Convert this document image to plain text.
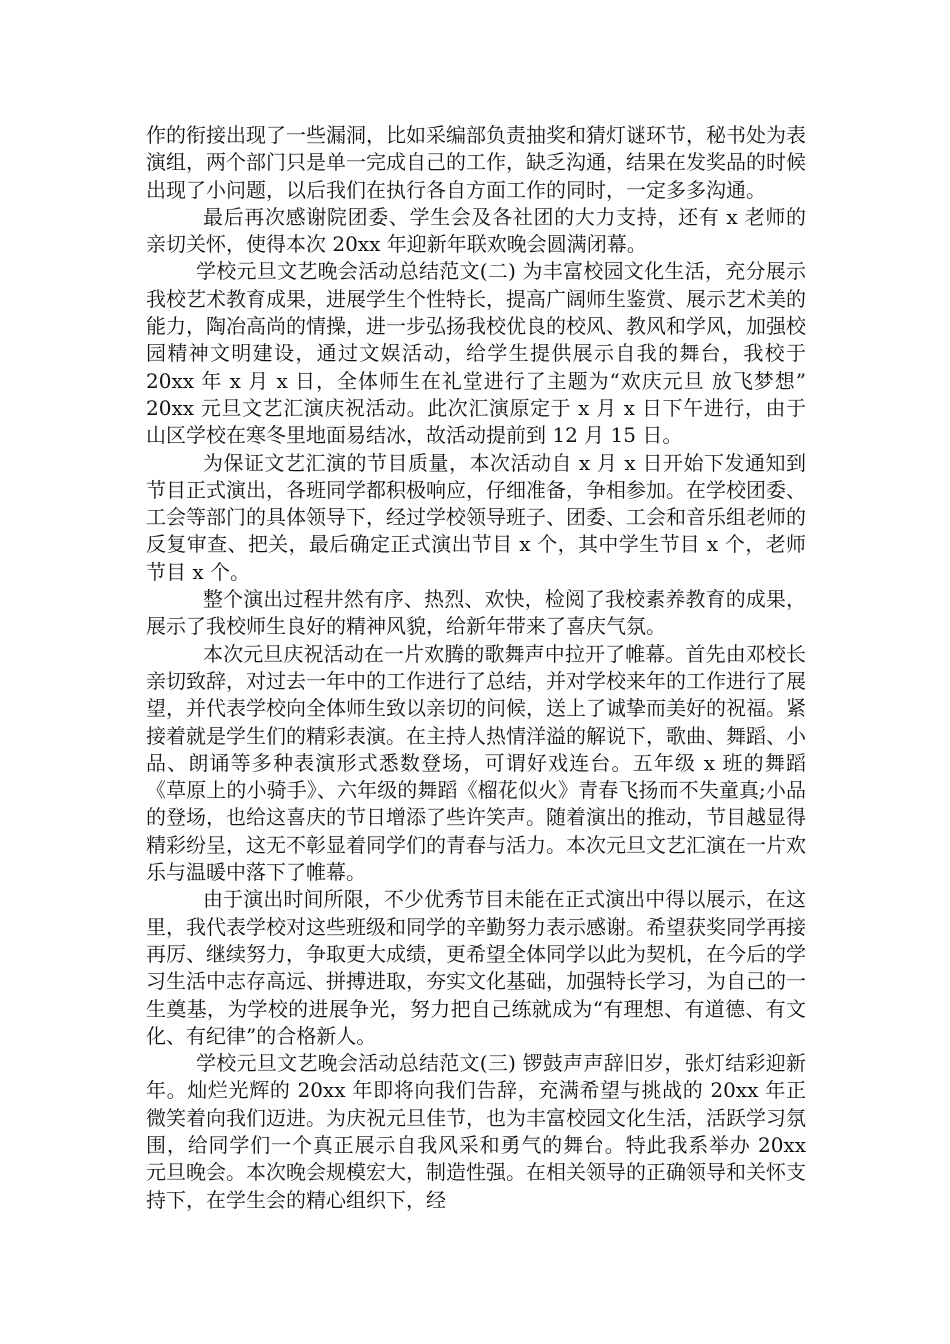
作的衔接出现了一些漏洞，比如采编部负责抽奖和猜灯谜环节，秘书处为表演组，两个部门只是单一完成自己的工作，缺乏沟通，结果在发奖品的时候出现了小问题，以后我们在执行各自方面工作的同时，一定多多沟通。

最后再次感谢院团委、学生会及各社团的大力支持，还有 x 老师的亲切关怀，使得本次 20xx 年迎新年联欢晚会圆满闭幕。

学校元旦文艺晚会活动总结范文(二) 为丰富校园文化生活，充分展示我校艺术教育成果，进展学生个性特长，提高广阔师生鉴赏、展示艺术美的能力，陶冶高尚的情操，进一步弘扬我校优良的校风、教风和学风，加强校园精神文明建设，通过文娱活动，给学生提供展示自我的舞台，我校于 20xx 年 x 月 x 日，全体师生在礼堂进行了主题为“欢庆元旦 放飞梦想” 20xx 元旦文艺汇演庆祝活动。此次汇演原定于 x 月 x 日下午进行，由于山区学校在寒冬里地面易结冰，故活动提前到 12 月 15 日。

为保证文艺汇演的节目质量，本次活动自 x 月 x 日开始下发通知到节目正式演出，各班同学都积极响应，仔细准备，争相参加。在学校团委、工会等部门的具体领导下，经过学校领导班子、团委、工会和音乐组老师的反复审查、把关，最后确定正式演出节目 x 个，其中学生节目 x 个，老师节目 x 个。

整个演出过程井然有序、热烈、欢快，检阅了我校素养教育的成果，展示了我校师生良好的精神风貌，给新年带来了喜庆气氛。

本次元旦庆祝活动在一片欢腾的歌舞声中拉开了帷幕。首先由邓校长亲切致辞，对过去一年中的工作进行了总结，并对学校来年的工作进行了展望，并代表学校向全体师生致以亲切的问候，送上了诚挚而美好的祝福。紧接着就是学生们的精彩表演。在主持人热情洋溢的解说下，歌曲、舞蹈、小品、朗诵等多种表演形式悉数登场，可谓好戏连台。五年级 x 班的舞蹈《草原上的小骑手》、六年级的舞蹈《榴花似火》青春飞扬而不失童真;小品的登场，也给这喜庆的节日增添了些许笑声。随着演出的推动，节目越显得精彩纷呈，这无不彰显着同学们的青春与活力。本次元旦文艺汇演在一片欢乐与温暖中落下了帷幕。

由于演出时间所限，不少优秀节目未能在正式演出中得以展示，在这里，我代表学校对这些班级和同学的辛勤努力表示感谢。希望获奖同学再接再厉、继续努力，争取更大成绩，更希望全体同学以此为契机，在今后的学习生活中志存高远、拼搏进取，夯实文化基础，加强特长学习，为自己的一生奠基，为学校的进展争光，努力把自己练就成为“有理想、有道德、有文化、有纪律”的合格新人。

学校元旦文艺晚会活动总结范文(三) 锣鼓声声辞旧岁，张灯结彩迎新年。灿烂光辉的 20xx 年即将向我们告辞，充满希望与挑战的 20xx 年正微笑着向我们迈进。为庆祝元旦佳节，也为丰富校园文化生活，活跃学习氛围，给同学们一个真正展示自我风采和勇气的舞台。特此我系举办 20xx 元旦晚会。本次晚会规模宏大，制造性强。在相关领导的正确领导和关怀支持下，在学生会的精心组织下，经
